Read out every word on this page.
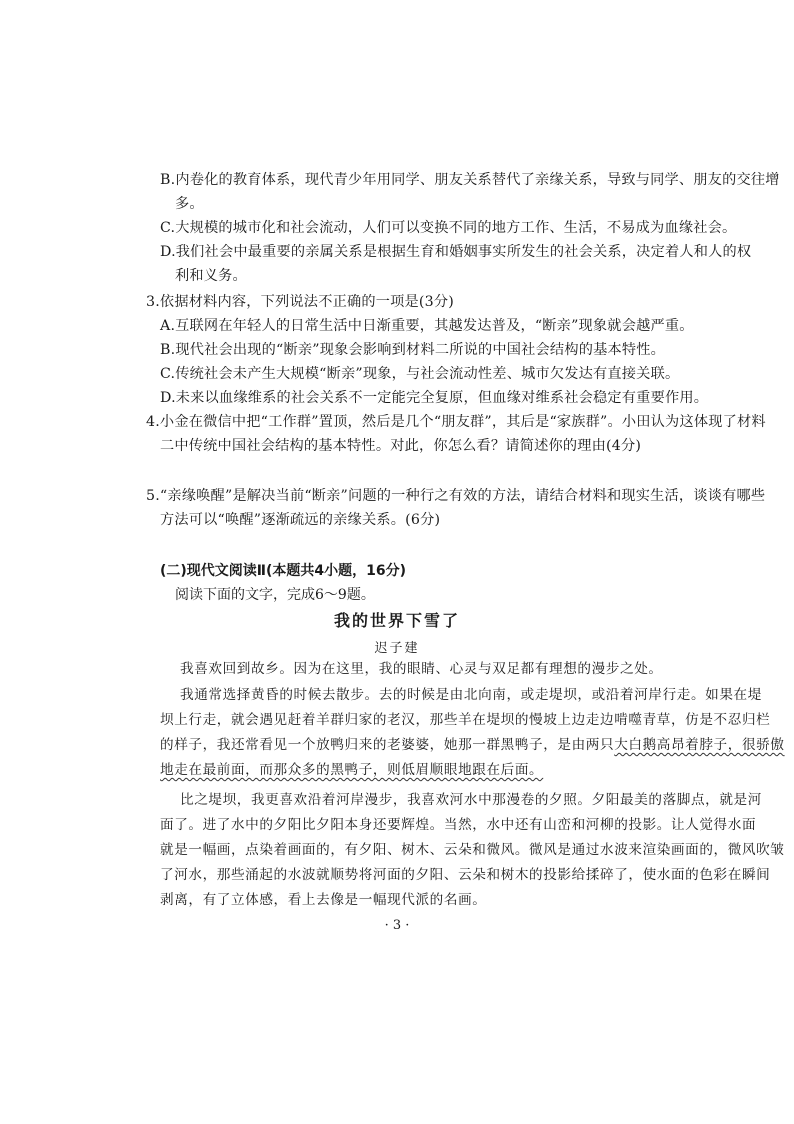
B.内卷化的教育体系，现代青少年用同学、朋友关系替代了亲缘关系，导致与同学、朋友的交往增
多。
C.大规模的城市化和社会流动，人们可以变换不同的地方工作、生活，不易成为血缘社会。
D.我们社会中最重要的亲属关系是根据生育和婚姻事实所发生的社会关系，决定着人和人的权
利和义务。
3.依据材料内容，下列说法不正确的一项是(3分)
A.互联网在年轻人的日常生活中日渐重要，其越发达普及，“断亲”现象就会越严重。
B.现代社会出现的“断亲”现象会影响到材料二所说的中国社会结构的基本特性。
C.传统社会未产生大规模“断亲”现象，与社会流动性差、城市欠发达有直接关联。
D.未来以血缘维系的社会关系不一定能完全复原，但血缘对维系社会稳定有重要作用。
4.小金在微信中把“工作群”置顶，然后是几个“朋友群”，其后是“家族群”。小田认为这体现了材料
二中传统中国社会结构的基本特性。对此，你怎么看？请简述你的理由(4分)
5.“亲缘唤醒”是解决当前“断亲”问题的一种行之有效的方法，请结合材料和现实生活，谈谈有哪些
方法可以“唤醒”逐渐疏远的亲缘关系。(6分)
(二)现代文阅读Ⅱ(本题共4小题，16分)
阅读下面的文字，完成6～9题。
我的世界下雪了
迟子建
我喜欢回到故乡。因为在这里，我的眼睛、心灵与双足都有理想的漫步之处。
我通常选择黄昏的时候去散步。去的时候是由北向南，或走堤坝，或沿着河岸行走。如果在堤
坝上行走，就会遇见赶着羊群归家的老汉，那些羊在堤坝的慢坡上边走边啃噬青草，仿是不忍归栏
的样子，我还常看见一个放鸭归来的老婆婆，她那一群黑鸭子，是由两只大白鹅高昂着脖子，很骄傲
地走在最前面，而那众多的黑鸭子，则低眉顺眼地跟在后面。
比之堤坝，我更喜欢沿着河岸漫步，我喜欢河水中那漫卷的夕照。夕阳最美的落脚点，就是河
面了。进了水中的夕阳比夕阳本身还要辉煌。当然，水中还有山峦和河柳的投影。让人觉得水面
就是一幅画，点染着画面的，有夕阳、树木、云朵和微风。微风是通过水波来渲染画面的，微风吹皱
了河水，那些涌起的水波就顺势将河面的夕阳、云朵和树木的投影给揉碎了，使水面的色彩在瞬间
剥离，有了立体感，看上去像是一幅现代派的名画。
· 3 ·
